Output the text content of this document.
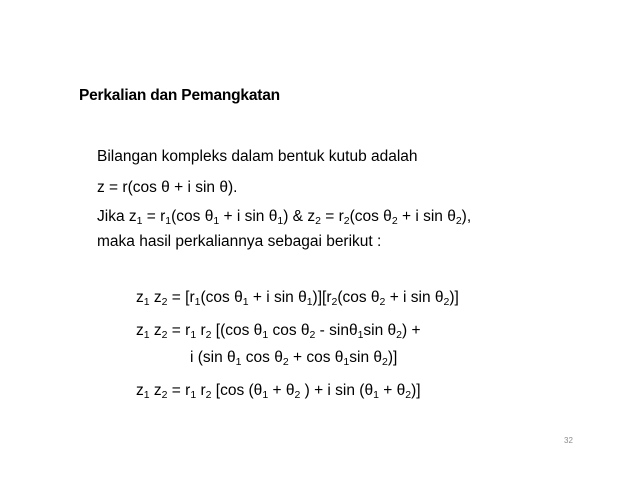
Perkalian dan Pemangkatan
Bilangan kompleks dalam bentuk kutub adalah
z = r(cos θ + i sin θ).
Jika $z_1 = r_1(\cos$ $\theta_1 + i$ $\sin \theta_1$) & $z_2 = r_2(\cos$ $\theta_2 + i$ $\sin \theta_2$),
maka hasil perkaliannya sebagai berikut :
$z_1$ $z_2 = [r_1(\cos$ $\theta_1 + i$ $\sin \theta_1)][r_2(\cos$ $\theta_2 + i$ $\sin \theta_2$)]
$z_1$ $z_2 = r_1$ $r_2$ [(cos $\theta_1$ $\cos \theta_2 - \sin\theta_1\sin$ $\theta_2$) +
i (sin $\theta_1$ $\cos \theta_2 + \cos \theta_1\sin$ $\theta_2$)]
$z_1$ $z_2 = r_1$ $r_2$ [cos ($\theta_1 + \theta_2$ ) + i $\sin (\theta_1 + \theta_2)$]
32
